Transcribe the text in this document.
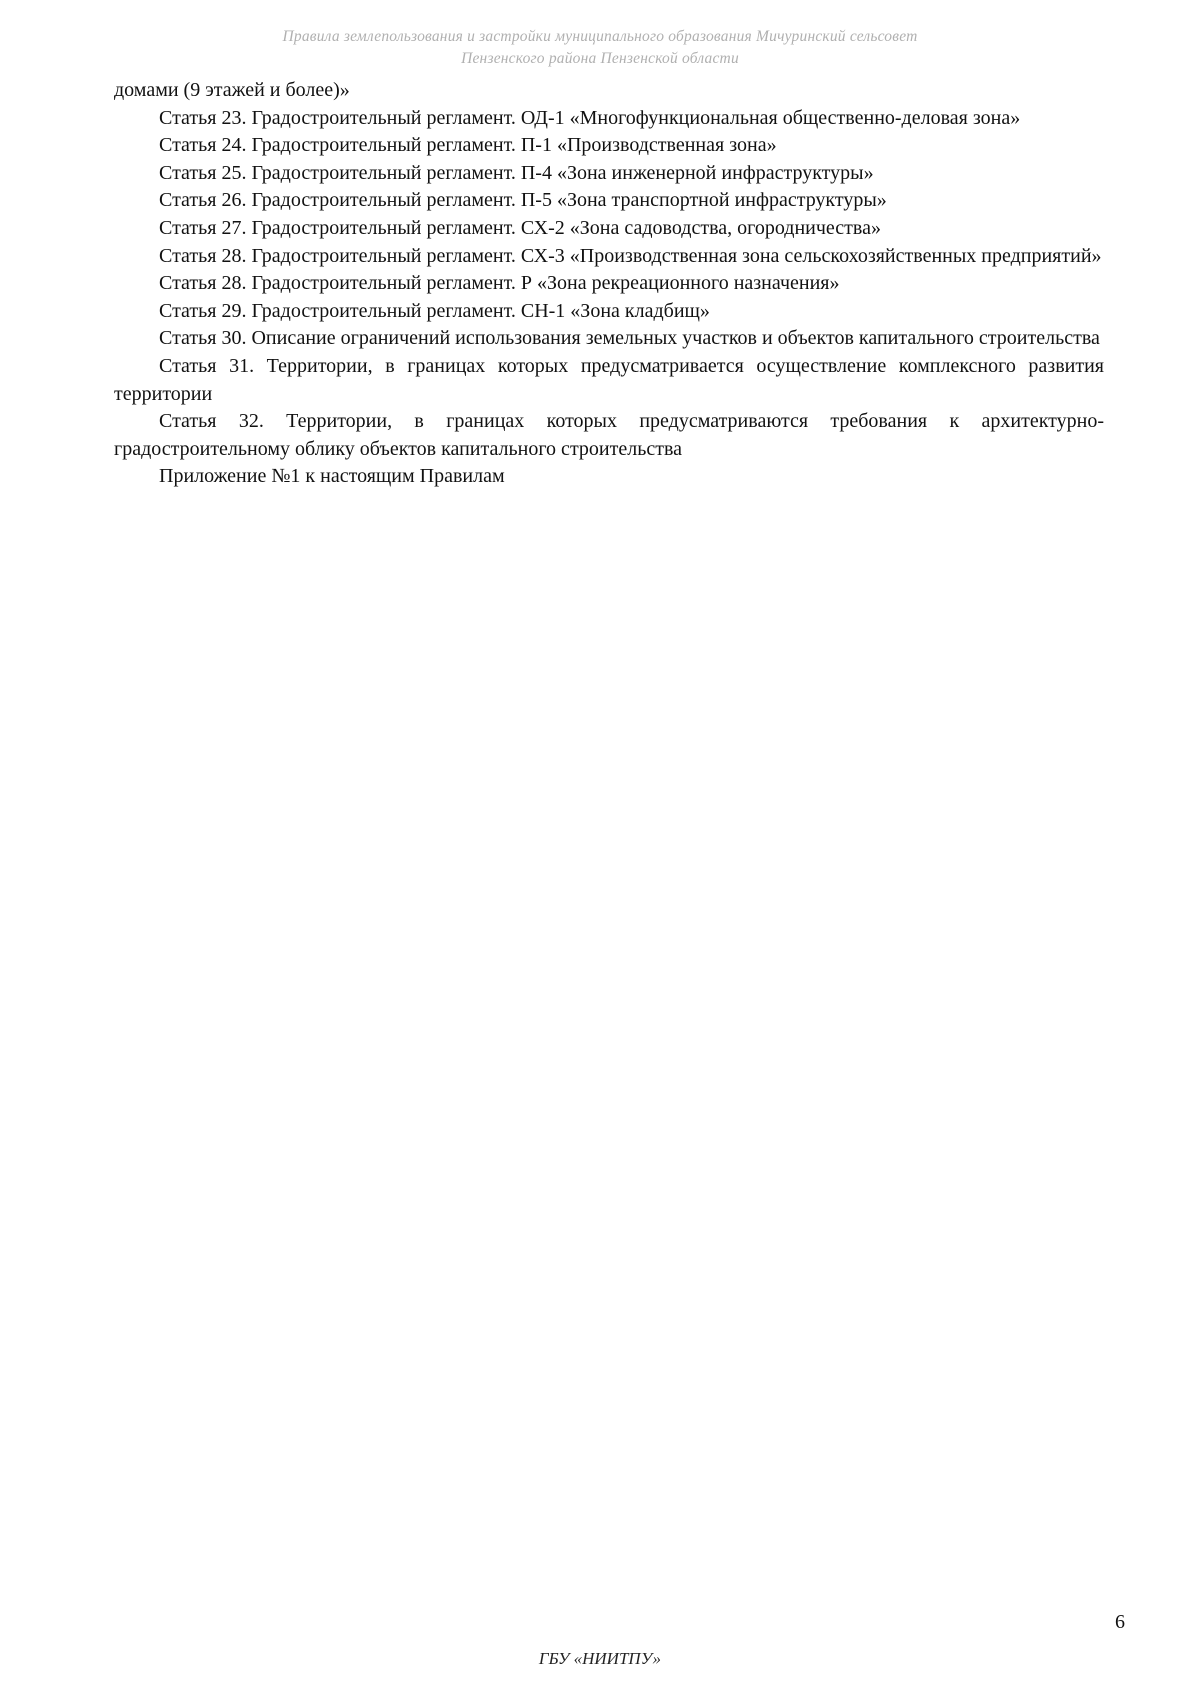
Правила землепользования и застройки муниципального образования Мичуринский сельсовет
Пензенского района Пензенской области

домами (9 этажей и более)»

Статья 23. Градостроительный регламент. ОД-1 «Многофункциональная общественно-деловая зона»

Статья 24. Градостроительный регламент. П-1 «Производственная зона»

Статья 25. Градостроительный регламент. П-4 «Зона инженерной инфраструктуры»

Статья 26. Градостроительный регламент. П-5 «Зона транспортной инфраструктуры»

Статья 27. Градостроительный регламент. СХ-2 «Зона садоводства, огородничества»

Статья 28. Градостроительный регламент. СХ-3 «Производственная зона сельскохозяйственных предприятий»

Статья 28. Градостроительный регламент. Р «Зона рекреационного назначения»

Статья 29. Градостроительный регламент. СН-1 «Зона кладбищ»

Статья 30. Описание ограничений использования земельных участков и объектов капитального строительства

Статья 31. Территории, в границах которых предусматривается осуществление комплексного развития территории

Статья 32. Территории, в границах которых предусматриваются требования к архитектурно-градостроительному облику объектов капитального строительства

Приложение №1 к настоящим Правилам

6
ГБУ «НИИТПУ»
